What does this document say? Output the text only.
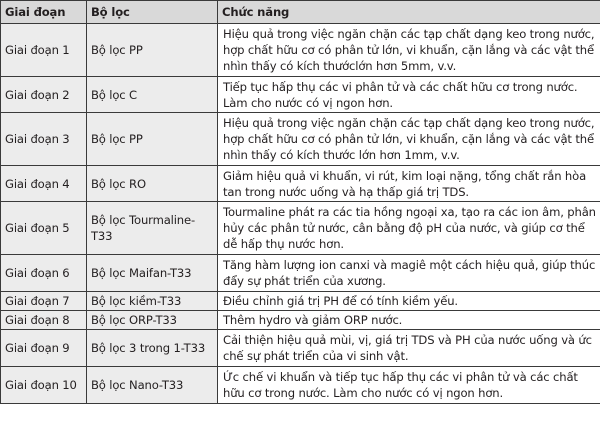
Giai đoạn	Bộ lọc	Chức năng
Giai đoạn 1	Bộ lọc PP	Hiệu quả trong việc ngăn chặn các tạp chất dạng keo trong nước, hợp chất hữu cơ có phân tử lớn, vi khuẩn, cặn lắng và các vật thể nhìn thấy có kích thướclớn hơn 5mm, v.v.
Giai đoạn 2	Bộ lọc C	Tiếp tục hấp thụ các vi phân tử và các chất hữu cơ trong nước. Làm cho nước có vị ngon hơn.
Giai đoạn 3	Bộ lọc PP	Hiệu quả trong việc ngăn chặn các tạp chất dạng keo trong nước, hợp chất hữu cơ có phân tử lớn, vi khuẩn, cặn lắng và các vật thể nhìn thấy có kích thước lớn hơn 1mm, v.v.
Giai đoạn 4	Bộ lọc RO	Giảm hiệu quả vi khuẩn, vi rút, kim loại nặng, tổng chất rắn hòa tan trong nước uống và hạ thấp giá trị TDS.
Giai đoạn 5	Bộ lọc Tourmaline-T33	Tourmaline phát ra các tia hồng ngoại xa, tạo ra các ion âm, phân hủy các phân tử nước, cân bằng độ pH của nước, và giúp cơ thể dễ hấp thụ nước hơn.
Giai đoạn 6	Bộ lọc Maifan-T33	Tăng hàm lượng ion canxi và magiê một cách hiệu quả, giúp thúc đẩy sự phát triển của xương.
Giai đoạn 7	Bộ lọc kiềm-T33	Điều chỉnh giá trị PH để có tính kiềm yếu.
Giai đoạn 8	Bộ lọc ORP-T33	Thêm hydro và giảm ORP nước.
Giai đoạn 9	Bộ lọc 3 trong 1-T33	Cải thiện hiệu quả mùi, vị, giá trị TDS và PH của nước uống và ức chế sự phát triển của vi sinh vật.
Giai đoạn 10	Bộ lọc Nano-T33	Ức chế vi khuẩn và tiếp tục hấp thụ các vi phân tử và các chất hữu cơ trong nước. Làm cho nước có vị ngon hơn.
